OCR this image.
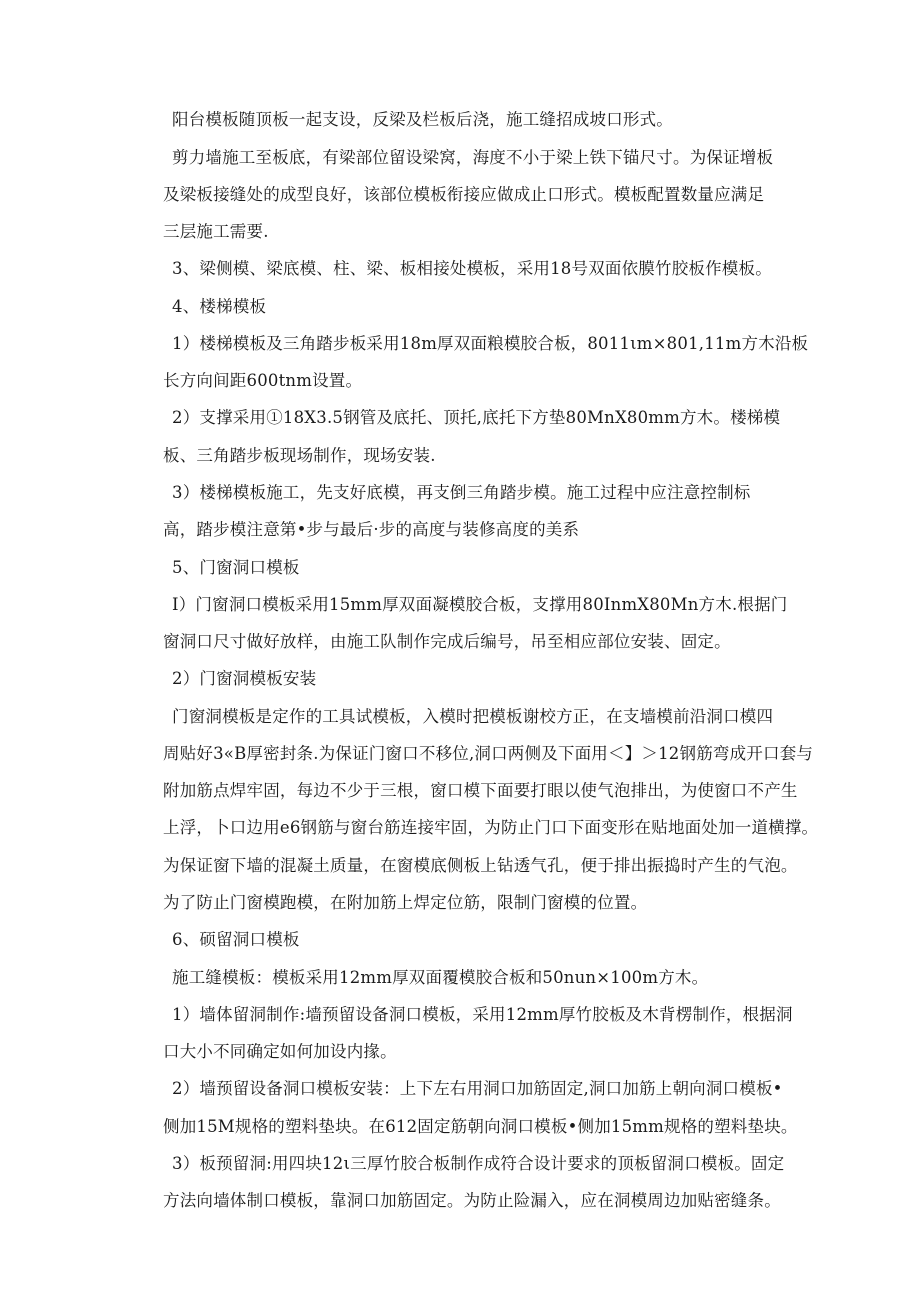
阳台模板随顶板一起支设，反梁及栏板后浇，施工缝招成坡口形式。
剪力墙施工至板底，有梁部位留设梁窝，海度不小于梁上铁下锚尺寸。为保证增板
及梁板接缝处的成型良好，该部位模板衔接应做成止口形式。模板配置数量应满足
三层施工需要.
3、梁侧模、梁底模、柱、梁、板相接处模板，采用18号双面依膜竹胶板作模板。
4、楼梯模板
1）楼梯模板及三角踏步板采用18m厚双面粮模胶合板，8011ιm×801,11m方木沿板
长方向间距600tnm设置。
2）支撑采用①18X3.5钢管及底托、顶托,底托下方垫80MnX80mm方木。楼梯模
板、三角踏步板现场制作，现场安装.
3）楼梯模板施工，先支好底模，再支倒三角踏步模。施工过程中应注意控制标
高，踏步模注意第•步与最后·步的高度与装修高度的美系
5、门窗洞口模板
I）门窗洞口模板采用15mm厚双面凝模胶合板，支撑用80InmX80Mn方木.根据门
窗洞口尺寸做好放样，由施工队制作完成后编号，吊至相应部位安装、固定。
2）门窗洞模板安装
门窗洞模板是定作的工具试模板，入模时把模板谢校方正，在支墙模前沿洞口模四
周贴好3«B厚密封条.为保证门窗口不移位,洞口两侧及下面用＜】＞12钢筋弯成开口套与
附加筋点焊牢固，每边不少于三根，窗口模下面要打眼以使气泡排出，为使窗口不产生
上浮，卜口边用e6钢筋与窗台筋连接牢固，为防止门口下面变形在贴地面处加一道横撑。
为保证窗下墙的混凝土质量，在窗模底侧板上钻透气孔，便于排出振捣时产生的气泡。
为了防止门窗模跑模，在附加筋上焊定位筋，限制门窗模的位置。
6、硕留洞口模板
施工缝模板：模板采用12mm厚双面覆模胶合板和50nun×100m方木。
1）墙体留洞制作:墙预留设备洞口模板，采用12mm厚竹胶板及木背楞制作，根据洞
口大小不同确定如何加设内掾。
2）墙预留设备洞口模板安装：上下左右用洞口加筋固定,洞口加筋上朝向洞口模板•
侧加15M规格的塑料垫块。在612固定筋朝向洞口模板•侧加15mm规格的塑料垫块。
3）板预留洞:用四块12ι三厚竹胶合板制作成符合设计要求的顶板留洞口模板。固定
方法向墙体制口模板，靠洞口加筋固定。为防止险漏入，应在洞模周边加贴密缝条。
